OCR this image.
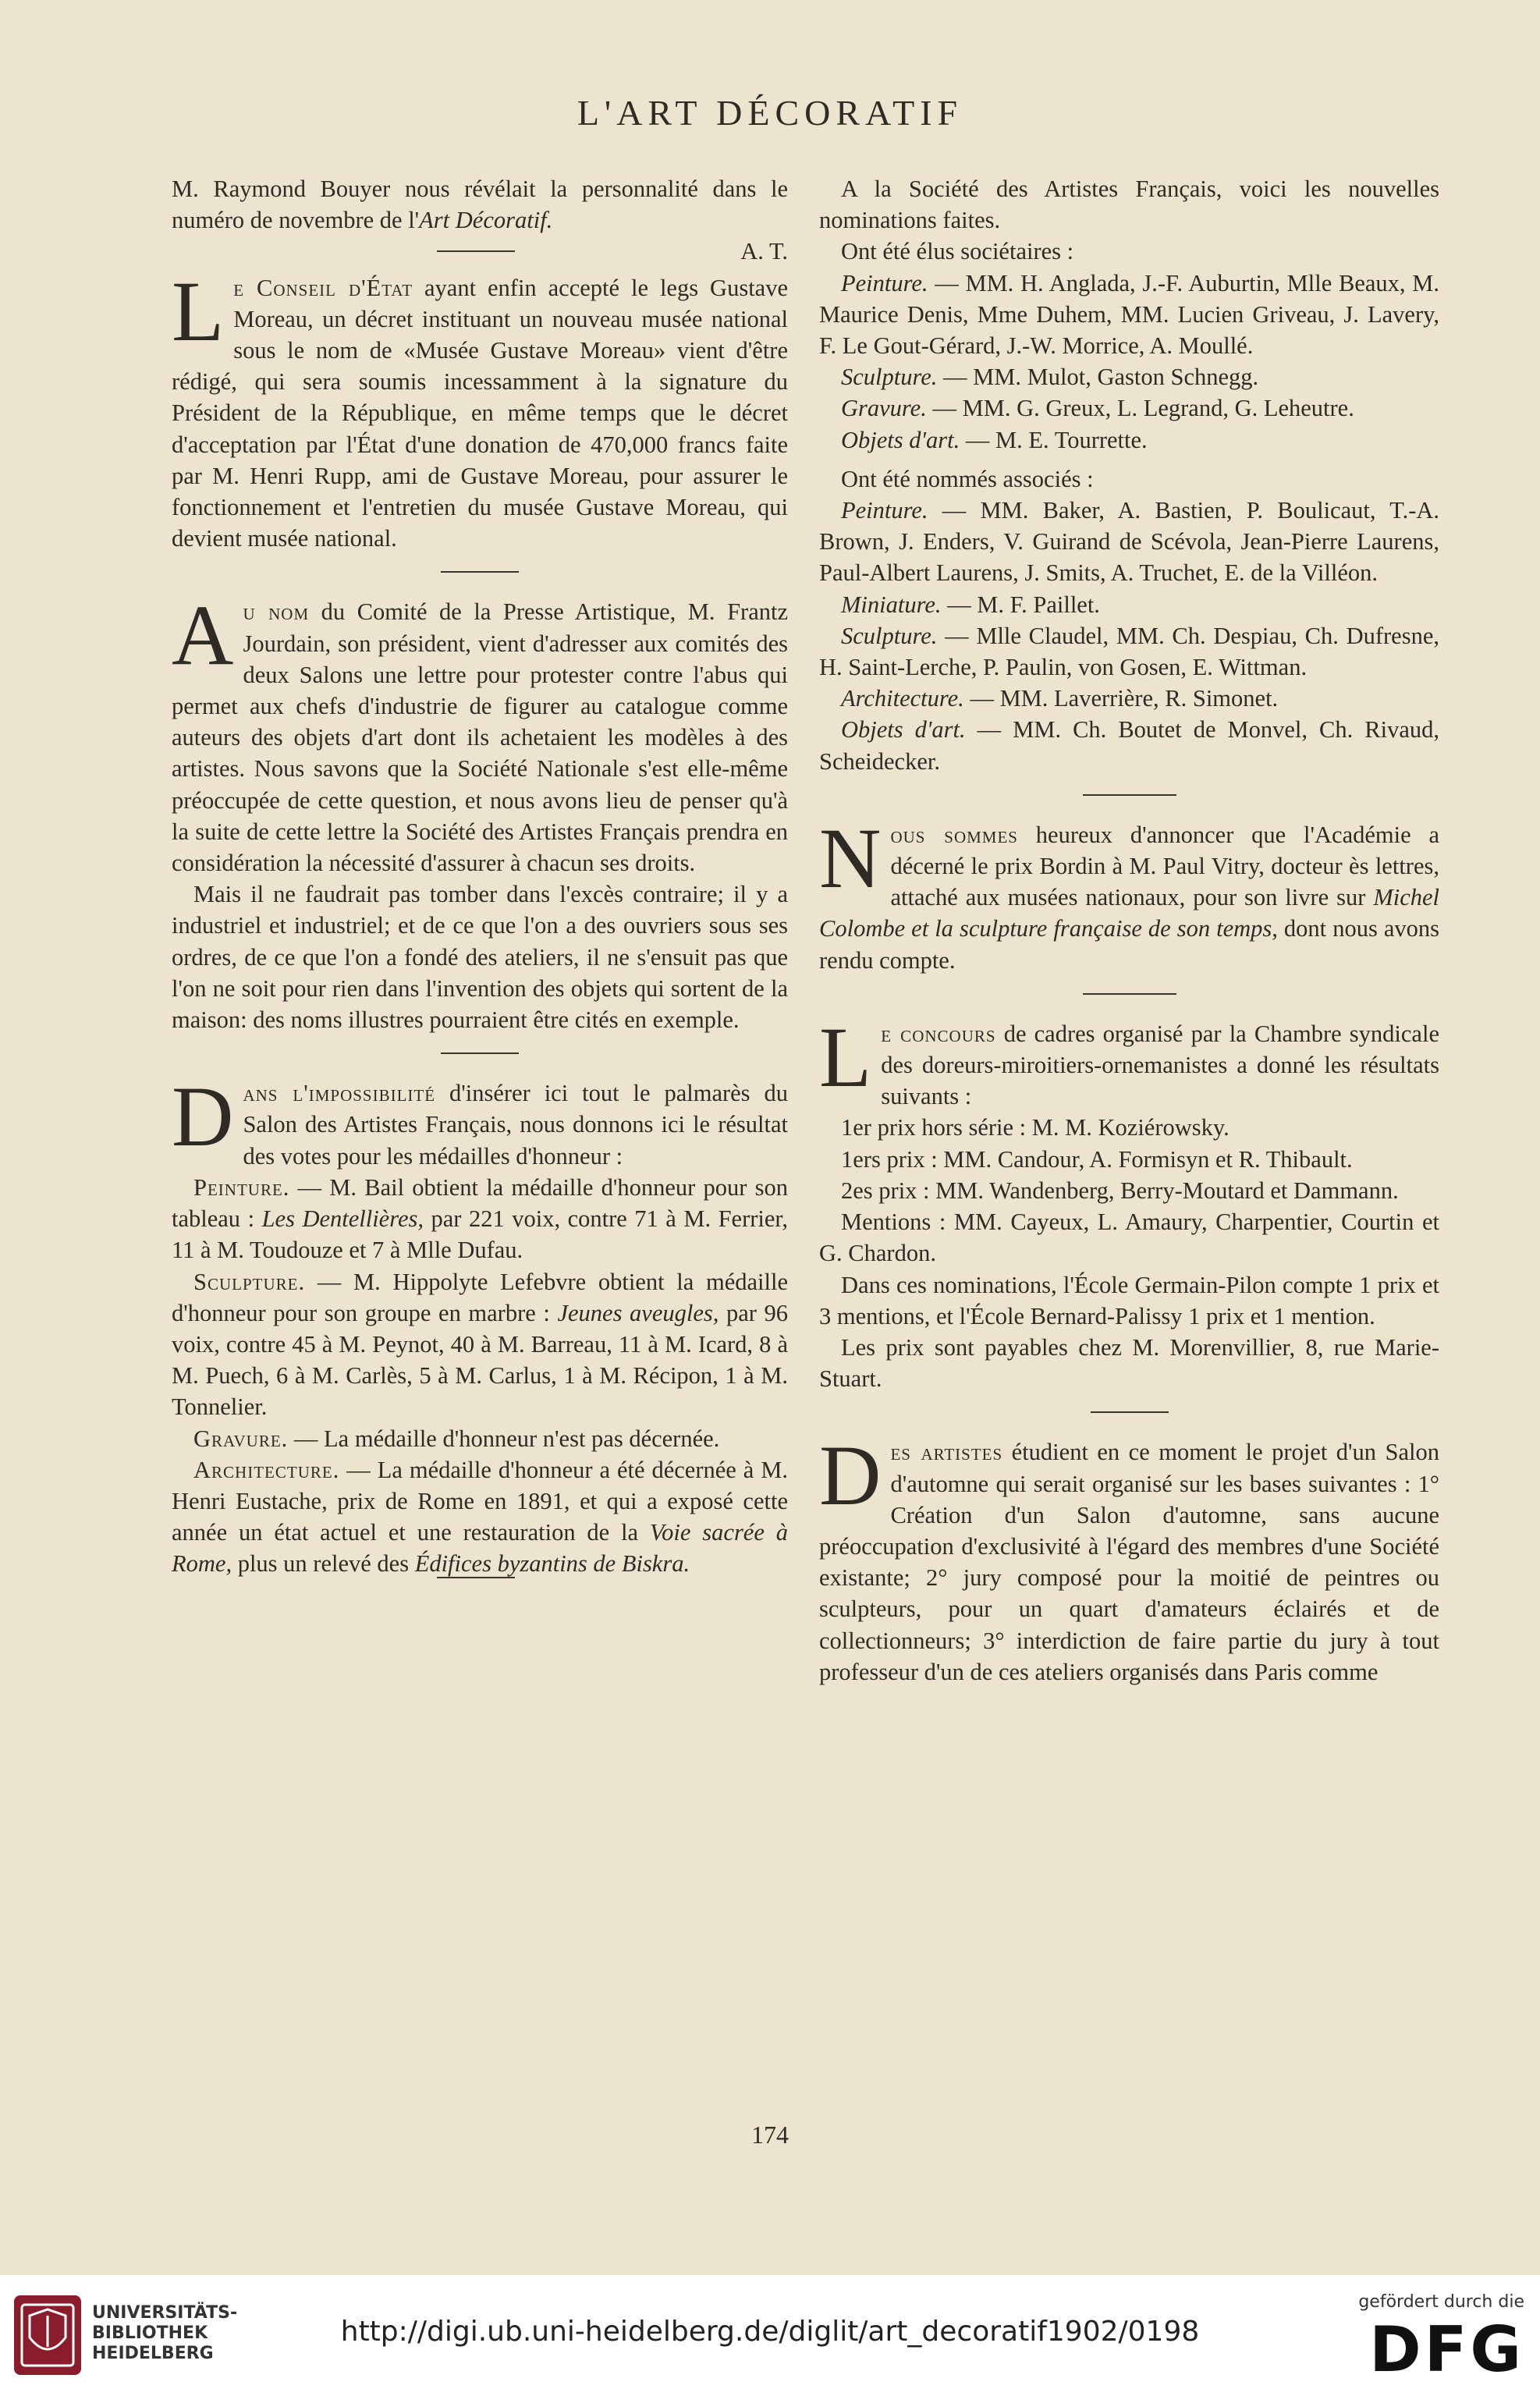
L'ART DÉCORATIF

M. Raymond Bouyer nous révélait la personnalité dans le numéro de novembre de l'Art Décoratif.

A. T.

Le Conseil d'État ayant enfin accepté le legs Gustave Moreau, un décret instituant un nouveau musée national sous le nom de «Musée Gustave Moreau» vient d'être rédigé, qui sera soumis incessamment à la signature du Président de la République, en même temps que le décret d'acceptation par l'État d'une donation de 470,000 francs faite par M. Henri Rupp, ami de Gustave Moreau, pour assurer le fonctionnement et l'entretien du musée Gustave Moreau, qui devient musée national.

Au nom du Comité de la Presse Artistique, M. Frantz Jourdain, son président, vient d'adresser aux comités des deux Salons une lettre pour protester contre l'abus qui permet aux chefs d'industrie de figurer au catalogue comme auteurs des objets d'art dont ils achetaient les modèles à des artistes. Nous savons que la Société Nationale s'est elle-même préoccupée de cette question, et nous avons lieu de penser qu'à la suite de cette lettre la Société des Artistes Français prendra en considération la nécessité d'assurer à chacun ses droits.

Mais il ne faudrait pas tomber dans l'excès contraire; il y a industriel et industriel; et de ce que l'on a des ouvriers sous ses ordres, de ce que l'on a fondé des ateliers, il ne s'ensuit pas que l'on ne soit pour rien dans l'invention des objets qui sortent de la maison: des noms illustres pourraient être cités en exemple.

Dans l'impossibilité d'insérer ici tout le palmarès du Salon des Artistes Français, nous donnons ici le résultat des votes pour les médailles d'honneur :

Peinture. — M. Bail obtient la médaille d'honneur pour son tableau : Les Dentellières, par 221 voix, contre 71 à M. Ferrier, 11 à M. Toudouze et 7 à Mlle Dufau.

Sculpture. — M. Hippolyte Lefebvre obtient la médaille d'honneur pour son groupe en marbre : Jeunes aveugles, par 96 voix, contre 45 à M. Peynot, 40 à M. Barreau, 11 à M. Icard, 8 à M. Puech, 6 à M. Carlès, 5 à M. Carlus, 1 à M. Récipon, 1 à M. Tonnelier.

Gravure. — La médaille d'honneur n'est pas décernée.

Architecture. — La médaille d'honneur a été décernée à M. Henri Eustache, prix de Rome en 1891, et qui a exposé cette année un état actuel et une restauration de la Voie sacrée à Rome, plus un relevé des Édifices byzantins de Biskra.

A la Société des Artistes Français, voici les nouvelles nominations faites.

Ont été élus sociétaires :

Peinture. — MM. H. Anglada, J.-F. Auburtin, Mlle Beaux, M. Maurice Denis, Mme Duhem, MM. Lucien Griveau, J. Lavery, F. Le Gout-Gérard, J.-W. Morrice, A. Moullé.

Sculpture. — MM. Mulot, Gaston Schnegg.

Gravure. — MM. G. Greux, L. Legrand, G. Leheutre.

Objets d'art. — M. E. Tourrette.

Ont été nommés associés :

Peinture. — MM. Baker, A. Bastien, P. Boulicaut, T.-A. Brown, J. Enders, V. Guirand de Scévola, Jean-Pierre Laurens, Paul-Albert Laurens, J. Smits, A. Truchet, E. de la Villéon.

Miniature. — M. F. Paillet.

Sculpture. — Mlle Claudel, MM. Ch. Despiau, Ch. Dufresne, H. Saint-Lerche, P. Paulin, von Gosen, E. Wittman.

Architecture. — MM. Laverrière, R. Simonet.

Objets d'art. — MM. Ch. Boutet de Monvel, Ch. Rivaud, Scheidecker.

Nous sommes heureux d'annoncer que l'Académie a décerné le prix Bordin à M. Paul Vitry, docteur ès lettres, attaché aux musées nationaux, pour son livre sur Michel Colombe et la sculpture française de son temps, dont nous avons rendu compte.

Le concours de cadres organisé par la Chambre syndicale des doreurs-miroitiers-ornemanistes a donné les résultats suivants :

1er prix hors série : M. M. Koziérowsky.

1ers prix : MM. Candour, A. Formisyn et R. Thibault.

2es prix : MM. Wandenberg, Berry-Moutard et Dammann.

Mentions : MM. Cayeux, L. Amaury, Charpentier, Courtin et G. Chardon.

Dans ces nominations, l'École Germain-Pilon compte 1 prix et 3 mentions, et l'École Bernard-Palissy 1 prix et 1 mention.

Les prix sont payables chez M. Morenvillier, 8, rue Marie-Stuart.

Des artistes étudient en ce moment le projet d'un Salon d'automne qui serait organisé sur les bases suivantes : 1° Création d'un Salon d'automne, sans aucune préoccupation d'exclusivité à l'égard des membres d'une Société existante; 2° jury composé pour la moitié de peintres ou sculpteurs, pour un quart d'amateurs éclairés et de collectionneurs; 3° interdiction de faire partie du jury à tout professeur d'un de ces ateliers organisés dans Paris comme

174
UNIVERSITÄTS-
BIBLIOTHEK
HEIDELBERG
http://digi.ub.uni-heidelberg.de/diglit/art_decoratif1902/0198
gefördert durch die
DFG
